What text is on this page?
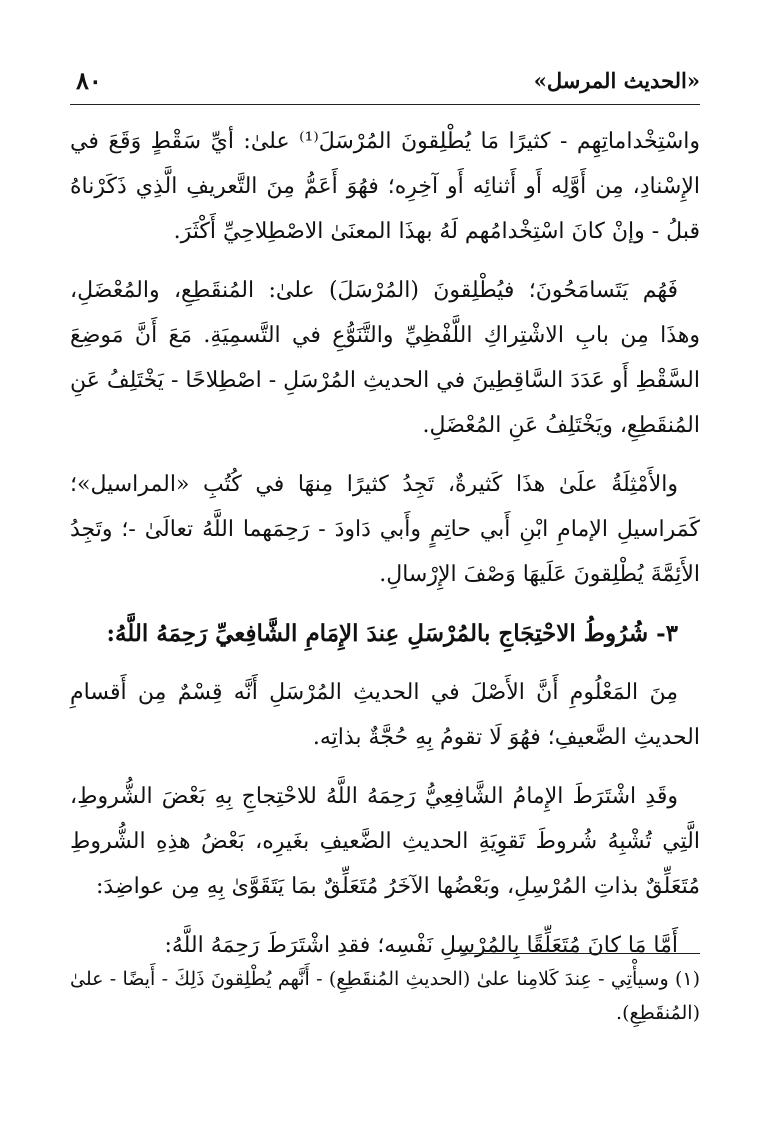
«الحديث المرسل»
٨٠

واسْتِخْداماتِهِم - كثيرًا مَا يُطْلِقونَ المُرْسَلَ⁽¹⁾ علىٰ: أيِّ سَقْطٍ وَقَعَ في الإِسْنادِ، مِن أَوَّلِه أَو أَثنائِه أَو آخِرِه؛ فهُوَ أَعَمُّ مِنَ التَّعريفِ الَّذِي ذَكَرْناهُ قبلُ - وإنْ كانَ اسْتِخْدامُهم لَهُ بهذَا المعنَىٰ الاصْطِلاحِيِّ أَكْثَرَ.

فَهُم يَتَسامَحُونَ؛ فيُطْلِقونَ (المُرْسَلَ) علىٰ: المُنقَطِعِ، والمُعْضَلِ، وهذَا مِن بابِ الاشْتِراكِ اللَّفْظِيِّ والتَّنَوُّعِ في التَّسمِيَةِ. مَعَ أَنَّ مَوضِعَ السَّقْطِ أَو عَدَدَ السَّاقِطِينَ في الحديثِ المُرْسَلِ - اصْطِلاحًا - يَخْتَلِفُ عَنِ المُنقَطِعِ، ويَخْتَلِفُ عَنِ المُعْضَلِ.

والأَمْثِلَةُ علَىٰ هذَا كَثيرةٌ، تَجِدُ كثيرًا مِنهَا في كُتُبِ «المراسيل»؛ كَمَراسيلِ الإمامِ ابْنِ أَبي حاتِمٍ وأَبي دَاودَ - رَحِمَهما اللَّهُ تعالَىٰ -؛ وتَجِدُ الأَئِمَّةَ يُطْلِقونَ عَلَيهَا وَصْفَ الإِرْسالِ.

٣- شُرُوطُ الاحْتِجَاجِ بالمُرْسَلِ عِندَ الإِمَامِ الشَّافِعيِّ رَحِمَهُ اللَّهُ:

مِنَ المَعْلُومِ أَنَّ الأَصْلَ في الحديثِ المُرْسَلِ أَنَّه قِسْمٌ مِن أَقسامِ الحديثِ الضَّعيفِ؛ فهُوَ لَا تقومُ بِهِ حُجَّةٌ بذاتِه.

وقَدِ اشْتَرَطَ الإِمامُ الشَّافِعِيُّ رَحِمَهُ اللَّهُ للاحْتِجاجِ بِهِ بَعْضَ الشُّروطِ، الَّتِي تُشْبِهُ شُروطَ تَقوِيَةِ الحديثِ الضَّعيفِ بغَيرِه، بَعْضُ هذِهِ الشُّروطِ مُتَعَلِّقٌ بذاتِ المُرْسِلِ، وبَعْضُها الآخَرُ مُتَعَلِّقٌ بمَا يَتَقَوَّىٰ بِهِ مِن عواضِدَ:

أَمَّا مَا كانَ مُتَعَلِّقًا بِالمُرْسِلِ نَفْسِه؛ فقدِ اشْتَرَطَ رَحِمَهُ اللَّهُ:

(١) وسيأْتِي - عِندَ كَلامِنا علىٰ (الحديثِ المُنقَطِعِ) - أَنَّهم يُطْلِقونَ ذَلِكَ - أَيضًا - علىٰ (المُنقَطِعِ).
